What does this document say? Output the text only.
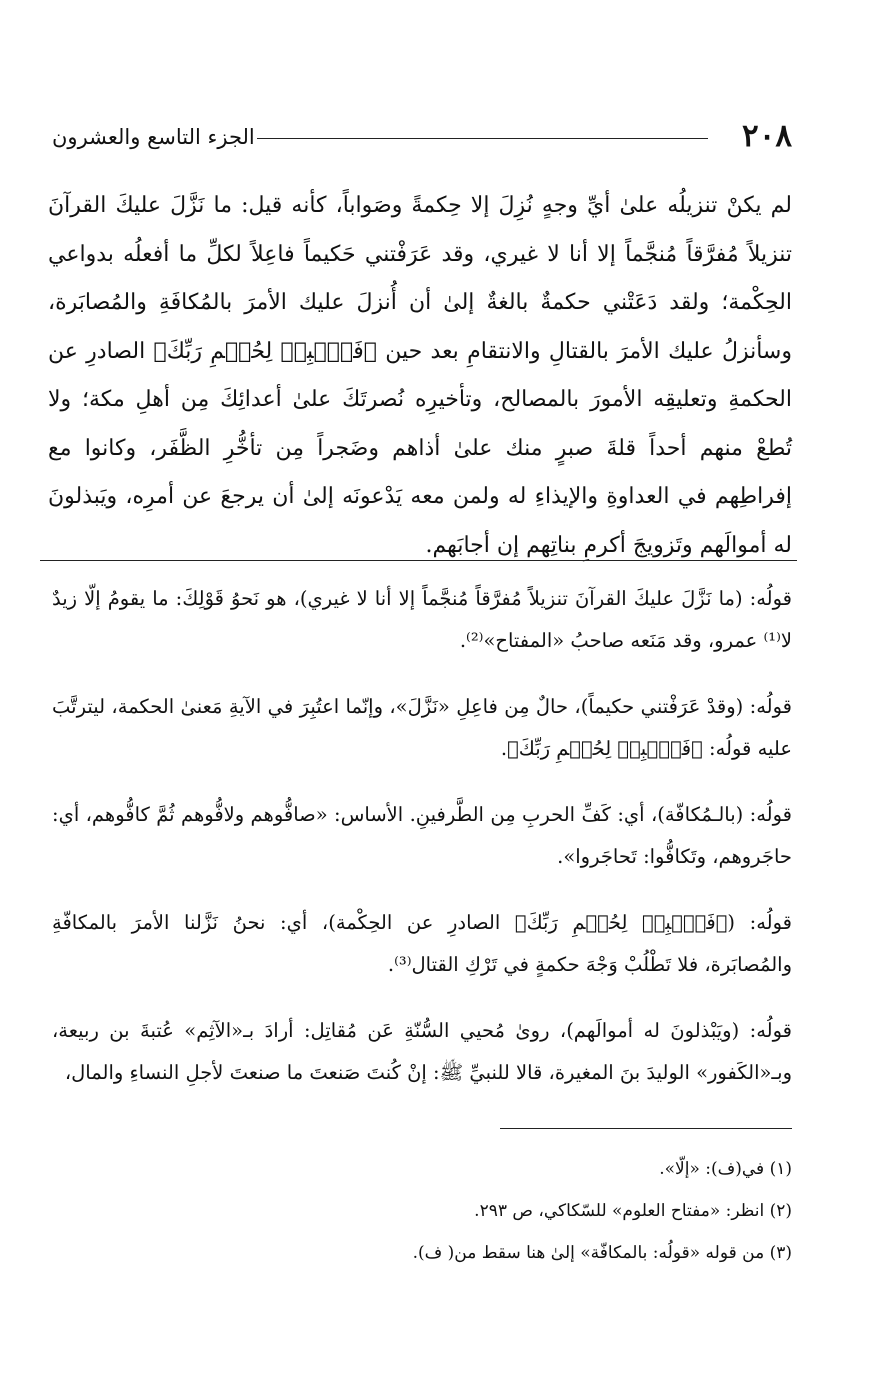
٢٠٨
الجزء التاسع والعشرون

لم يكنْ تنزيلُه علىٰ أيِّ وجهٍ نُزِلَ إلا حِكمةً وصَواباً، كأنه قيل: ما نَزَّلَ عليكَ القرآنَ تنزيلاً مُفرَّقاً مُنجَّماً إلا أنا لا غيري، وقد عَرَفْتني حَكيماً فاعِلاً لكلِّ ما أفعلُه بدواعي الحِكْمة؛ ولقد دَعَتْني حكمةٌ بالغةٌ إلىٰ أن أُنزلَ عليك الأمرَ بالمُكافَةِ والمُصابَرة، وسأنزلُ عليك الأمرَ بالقتالِ والانتقامِ بعد حين ﴿فَٱصۡبِرۡ لِحُكۡمِ رَبِّكَ﴾ الصادرِ عن الحكمةِ وتعليقِه الأمورَ بالمصالح، وتأخيرِه نُصرتَكَ علىٰ أعدائِكَ مِن أهلِ مكة؛ ولا تُطعْ منهم أحداً قلةَ صبرٍ منك علىٰ أذاهم وضَجراً مِن تأخُّرِ الظَّفَر، وكانوا مع إفراطِهم في العداوةِ والإيذاءِ له ولمن معه يَدْعونَه إلىٰ أن يرجعَ عن أمرِه، ويَبذلونَ له أموالَهم وتَزويجَ أكرمِ بناتِهم إن أجابَهم.

قولُه: (ما نَزَّلَ عليكَ القرآنَ تنزيلاً مُفرَّقاً مُنجَّماً إلا أنا لا غيري)، هو نَحوُ قَوْلِكَ: ما يقومُ إلّا زيدٌ لا⁽¹⁾ عمرو، وقد مَنَعه صاحبُ «المفتاح»⁽²⁾.

قولُه: (وقدْ عَرَفْتني حكيماً)، حالٌ مِن فاعِلِ «نَزَّلَ»، وإنّما اعتُبِرَ في الآيةِ مَعنىٰ الحكمة، ليترتَّبَ عليه قولُه: ﴿فَٱصۡبِرۡ لِحُكۡمِ رَبِّكَ﴾.

قولُه: (بالـمُكافّة)، أي: كَفِّ الحربِ مِن الطَّرفينِ. الأساس: «صافُّوهم ولافُّوهم ثُمَّ كافُّوهم، أي: حاجَروهم، وتَكافُّوا: تَحاجَروا».

قولُه: (﴿فَٱصۡبِرۡ لِحُكۡمِ رَبِّكَ﴾ الصادرِ عن الحِكْمة)، أي: نحنُ نَزَّلنا الأمرَ بالمكافّةِ والمُصابَرة، فلا تَطْلُبْ وَجْهَ حكمةٍ في تَرْكِ القتال⁽³⁾.

قولُه: (ويَبْذلونَ له أموالَهم)، روىٰ مُحيي السُّنّةِ عَن مُقاتِل: أرادَ بـ«الآثِم» عُتبةَ بن ربيعة، وبـ«الكَفور» الوليدَ بنَ المغيرة، قالا للنبيِّ ﷺ: إنْ كُنتَ صَنعتَ ما صنعتَ لأجلِ النساءِ والمال،

(١) في(ف): «إلّا».

(٢) انظر: «مفتاح العلوم» للسّكاكي، ص ٢٩٣.

(٣) من قوله «قولُه: بالمكافّة» إلىٰ هنا سقط من( ف).
